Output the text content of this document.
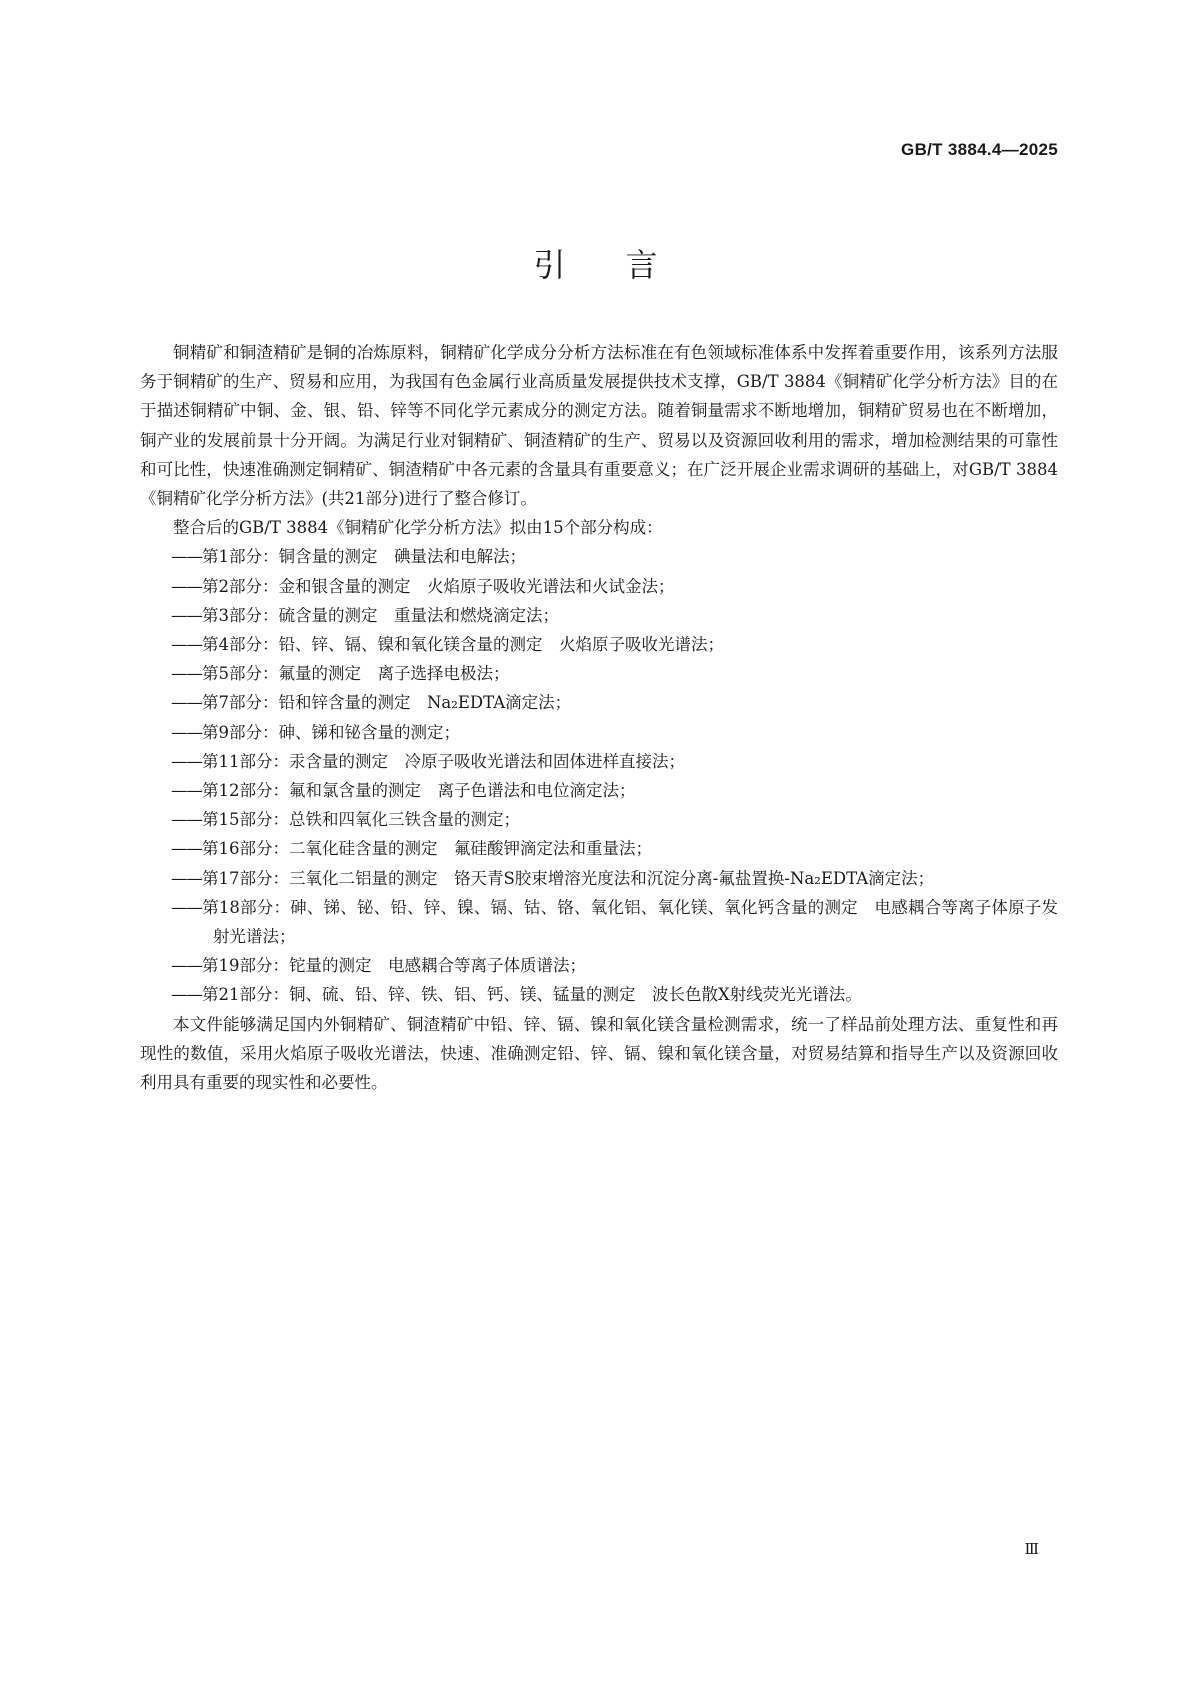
GB/T 3884.4—2025
引言

铜精矿和铜渣精矿是铜的冶炼原料，铜精矿化学成分分析方法标准在有色领域标准体系中发挥着重要作用，该系列方法服务于铜精矿的生产、贸易和应用，为我国有色金属行业高质量发展提供技术支撑，GB/T 3884《铜精矿化学分析方法》目的在于描述铜精矿中铜、金、银、铅、锌等不同化学元素成分的测定方法。随着铜量需求不断地增加，铜精矿贸易也在不断增加，铜产业的发展前景十分开阔。为满足行业对铜精矿、铜渣精矿的生产、贸易以及资源回收利用的需求，增加检测结果的可靠性和可比性，快速准确测定铜精矿、铜渣精矿中各元素的含量具有重要意义；在广泛开展企业需求调研的基础上，对GB/T 3884《铜精矿化学分析方法》(共21部分)进行了整合修订。

整合后的GB/T 3884《铜精矿化学分析方法》拟由15个部分构成：

——第1部分：铜含量的测定　碘量法和电解法；
——第2部分：金和银含量的测定　火焰原子吸收光谱法和火试金法；
——第3部分：硫含量的测定　重量法和燃烧滴定法；
——第4部分：铅、锌、镉、镍和氧化镁含量的测定　火焰原子吸收光谱法；
——第5部分：氟量的测定　离子选择电极法；
——第7部分：铅和锌含量的测定　Na₂EDTA滴定法；
——第9部分：砷、锑和铋含量的测定；
——第11部分：汞含量的测定　冷原子吸收光谱法和固体进样直接法；
——第12部分：氟和氯含量的测定　离子色谱法和电位滴定法；
——第15部分：总铁和四氧化三铁含量的测定；
——第16部分：二氧化硅含量的测定　氟硅酸钾滴定法和重量法；
——第17部分：三氧化二铝量的测定　铬天青S胶束增溶光度法和沉淀分离-氟盐置换-Na₂EDTA滴定法；
——第18部分：砷、锑、铋、铅、锌、镍、镉、钴、铬、氧化铝、氧化镁、氧化钙含量的测定　电感耦合等离子体原子发射光谱法；
——第19部分：铊量的测定　电感耦合等离子体质谱法；
——第21部分：铜、硫、铅、锌、铁、铝、钙、镁、锰量的测定　波长色散X射线荧光光谱法。

本文件能够满足国内外铜精矿、铜渣精矿中铅、锌、镉、镍和氧化镁含量检测需求，统一了样品前处理方法、重复性和再现性的数值，采用火焰原子吸收光谱法，快速、准确测定铅、锌、镉、镍和氧化镁含量，对贸易结算和指导生产以及资源回收利用具有重要的现实性和必要性。

Ⅲ
